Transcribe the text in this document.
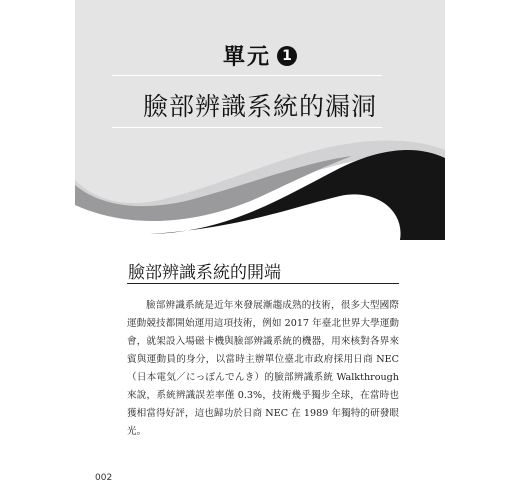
單元 1
臉部辨識系統的漏洞
臉部辨識系統的開端

臉部辨識系統是近年來發展漸趨成熟的技術，很多大型國際運動競技都開始運用這項技術，例如 2017 年臺北世界大學運動會，就架設入場磁卡機與臉部辨識系統的機器，用來核對各界來賓與運動員的身分，以當時主辦單位臺北市政府採用日商 NEC（日本電気／にっぽんでんき）的臉部辨識系統 Walkthrough 來說，系統辨識誤差率僅 0.3%，技術幾乎獨步全球，在當時也獲相當得好評，這也歸功於日商 NEC 在 1989 年獨特的研發眼光。

002
